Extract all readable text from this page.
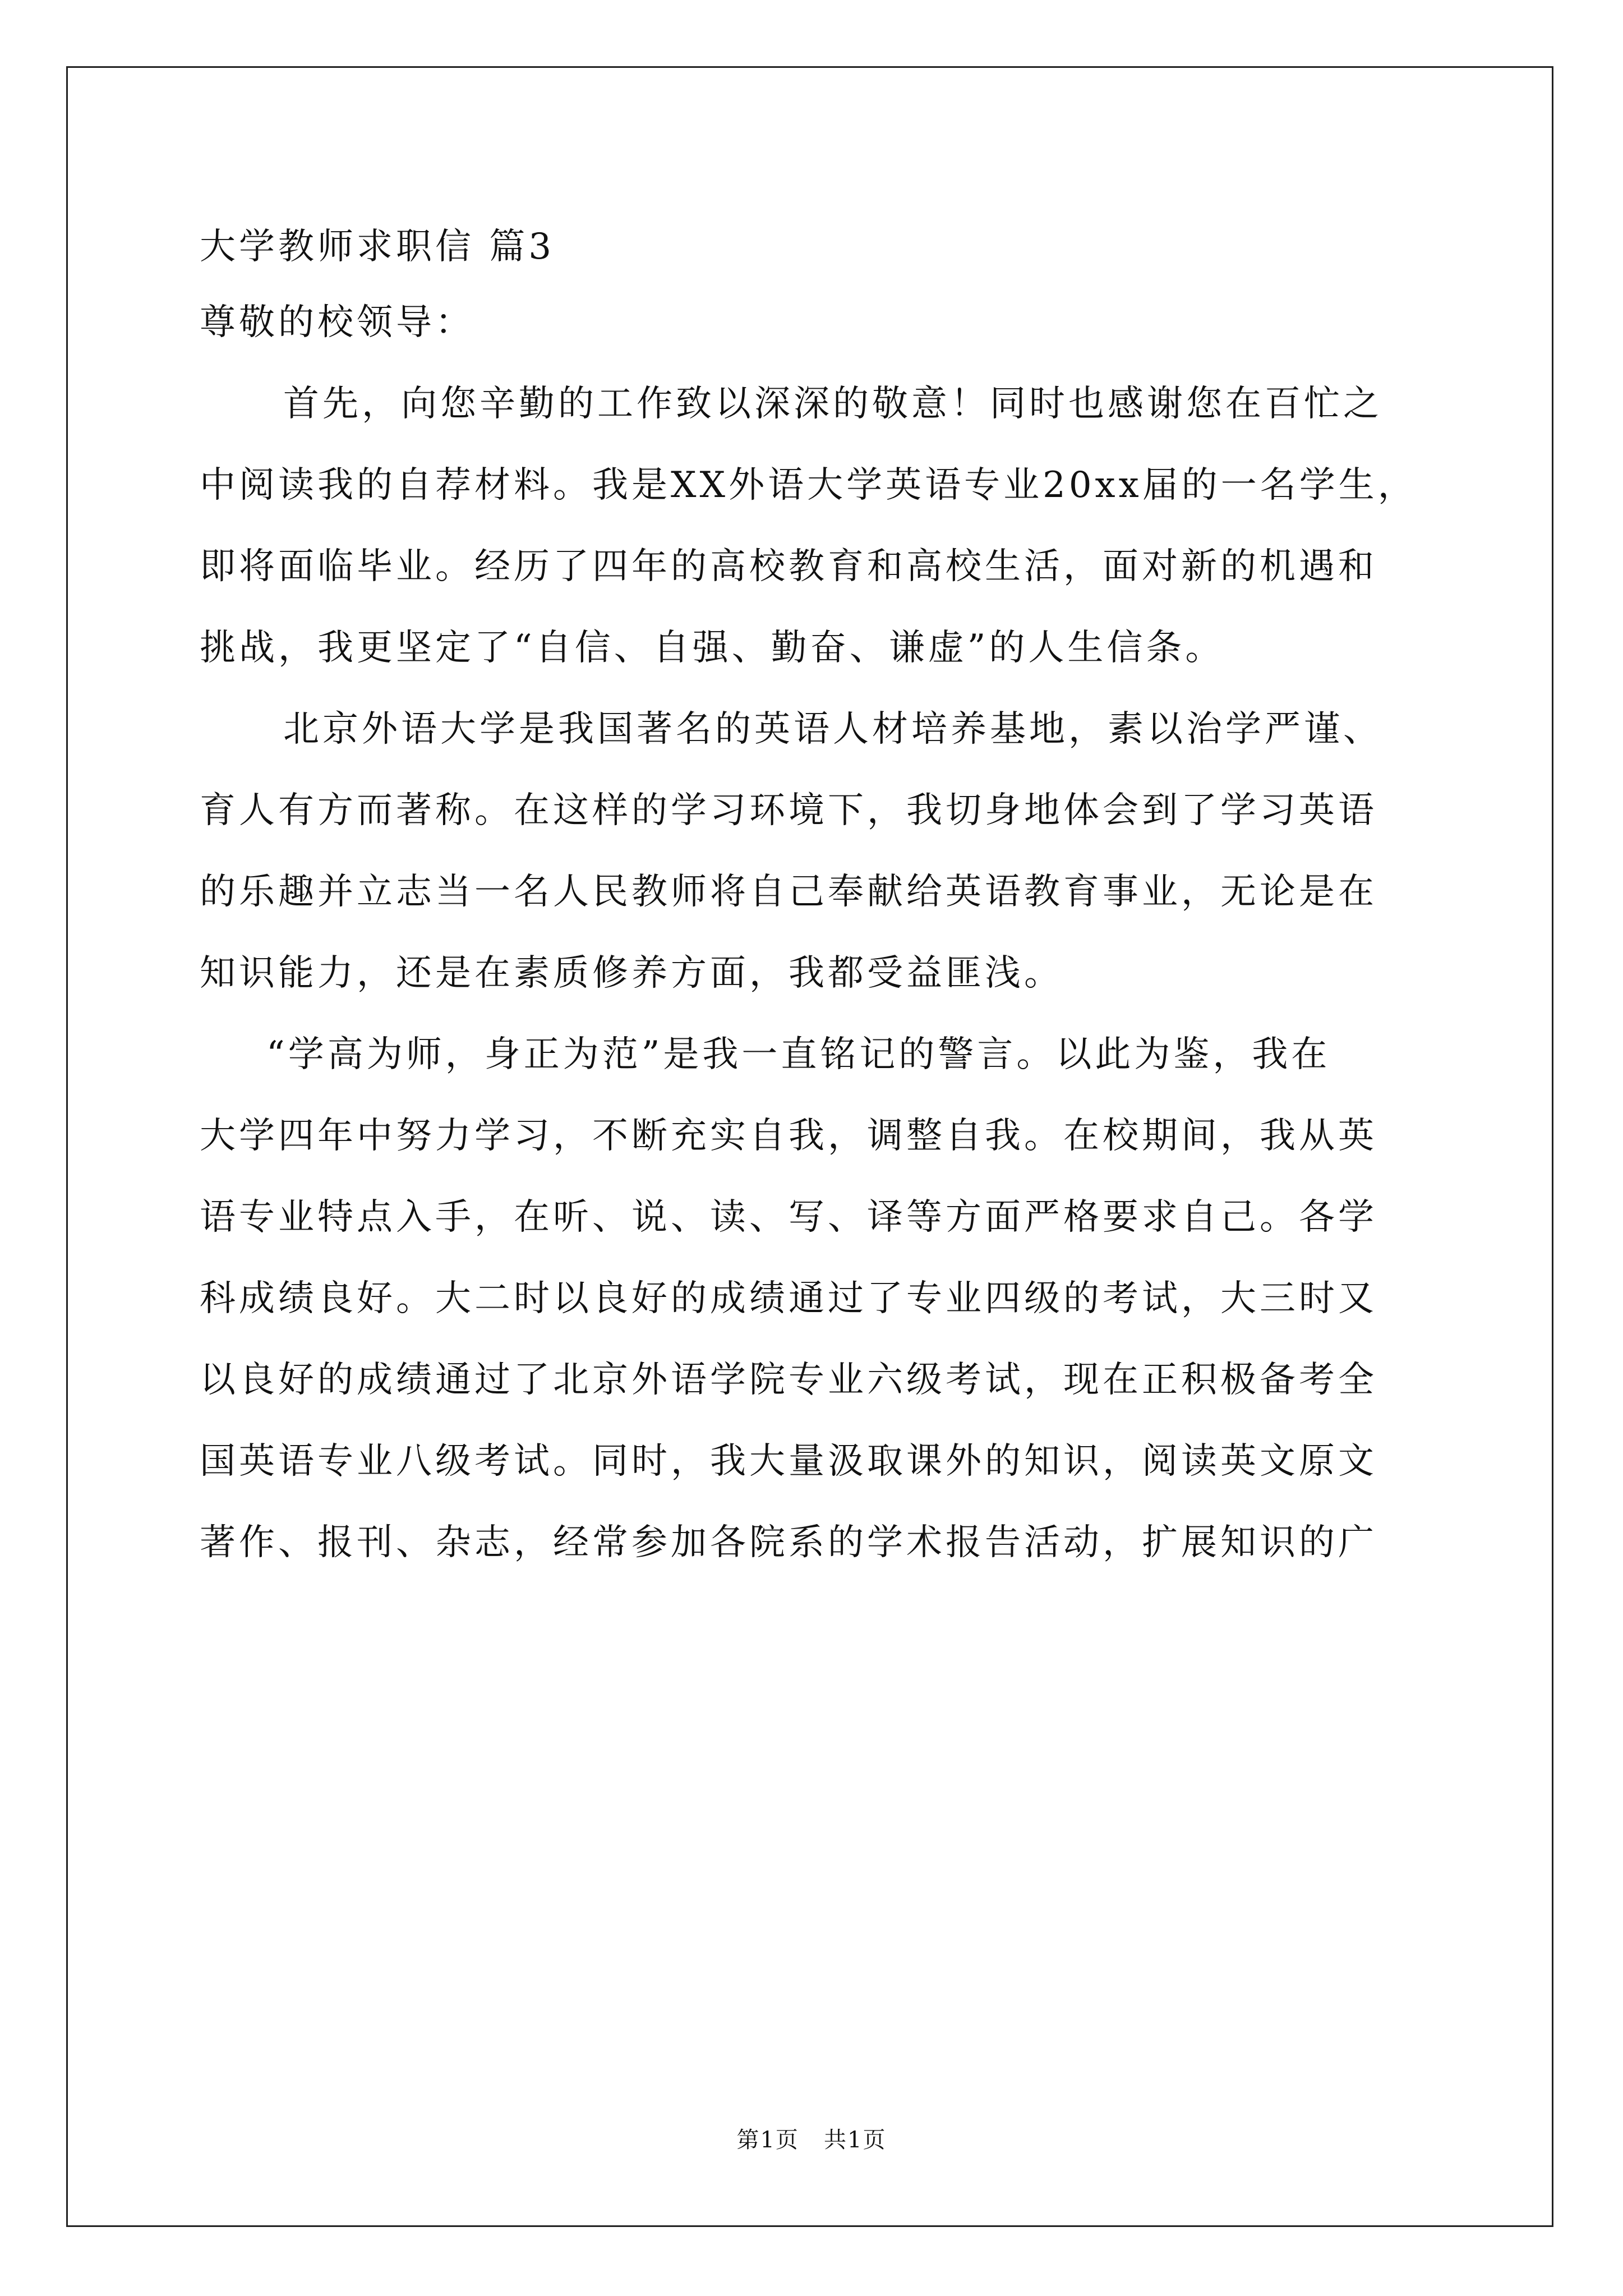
大学教师求职信 篇3
尊敬的校领导：
首先，向您辛勤的工作致以深深的敬意！同时也感谢您在百忙之
中阅读我的自荐材料。我是XX外语大学英语专业20xx届的一名学生，
即将面临毕业。经历了四年的高校教育和高校生活，面对新的机遇和
挑战，我更坚定了“自信、自强、勤奋、谦虚”的人生信条。
北京外语大学是我国著名的英语人材培养基地，素以治学严谨、
育人有方而著称。在这样的学习环境下，我切身地体会到了学习英语
的乐趣并立志当一名人民教师将自己奉献给英语教育事业，无论是在
知识能力，还是在素质修养方面，我都受益匪浅。
“学高为师，身正为范”是我一直铭记的警言。以此为鉴，我在
大学四年中努力学习，不断充实自我，调整自我。在校期间，我从英
语专业特点入手，在听、说、读、写、译等方面严格要求自己。各学
科成绩良好。大二时以良好的成绩通过了专业四级的考试，大三时又
以良好的成绩通过了北京外语学院专业六级考试，现在正积极备考全
国英语专业八级考试。同时，我大量汲取课外的知识，阅读英文原文
著作、报刊、杂志，经常参加各院系的学术报告活动，扩展知识的广
第1页   共1页
